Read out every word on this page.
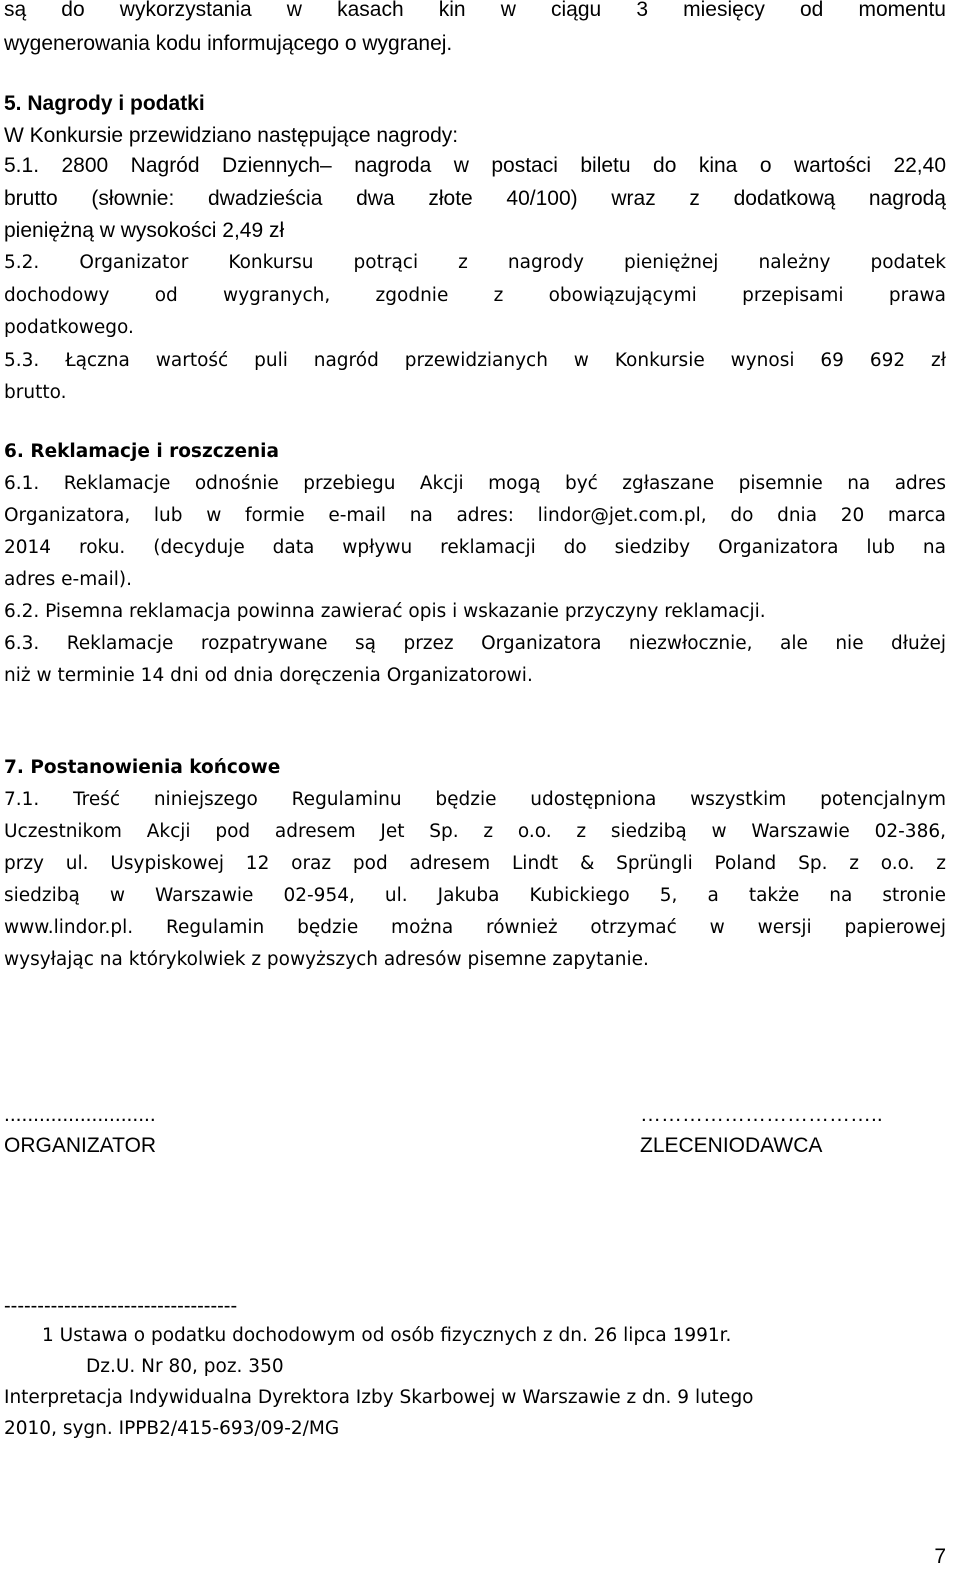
są do wykorzystania w kasach kin w ciągu 3 miesięcy od momentu
wygenerowania kodu informującego o wygranej.
5. Nagrody i podatki
W Konkursie przewidziano następujące nagrody:
5.1. 2800 Nagród Dziennych– nagroda w postaci biletu do kina o wartości 22,40
brutto (słownie: dwadzieścia dwa złote 40/100) wraz z dodatkową nagrodą
pieniężną w wysokości 2,49 zł
5.2. Organizator Konkursu potrąci z nagrody pieniężnej należny podatek
dochodowy od wygranych, zgodnie z obowiązującymi przepisami prawa
podatkowego.
5.3. Łączna wartość puli nagród przewidzianych w Konkursie wynosi 69 692 zł
brutto.
6. Reklamacje i roszczenia
6.1. Reklamacje odnośnie przebiegu Akcji mogą być zgłaszane pisemnie na adres
Organizatora, lub w formie e-mail na adres: lindor@jet.com.pl, do dnia 20 marca
2014 roku. (decyduje data wpływu reklamacji do siedziby Organizatora lub na
adres e-mail).
6.2. Pisemna reklamacja powinna zawierać opis i wskazanie przyczyny reklamacji.
6.3. Reklamacje rozpatrywane są przez Organizatora niezwłocznie, ale nie dłużej
niż w terminie 14 dni od dnia doręczenia Organizatorowi.
7. Postanowienia końcowe
7.1. Treść niniejszego Regulaminu będzie udostępniona wszystkim potencjalnym
Uczestnikom Akcji pod adresem Jet Sp. z o.o. z siedzibą w Warszawie 02-386,
przy ul. Usypiskowej 12 oraz pod adresem Lindt & Sprüngli Poland Sp. z o.o. z
siedzibą w Warszawie 02-954, ul. Jakuba Kubickiego 5, a także na stronie
www.lindor.pl. Regulamin będzie można również otrzymać w wersji papierowej
wysyłając na którykolwiek z powyższych adresów pisemne zapytanie.
..........................	……………………………..
ORGANIZATOR	ZLECENIODAWCA
-----------------------------------
1 Ustawa o podatku dochodowym od osób fizycznych z dn. 26 lipca 1991r.
Dz.U. Nr 80, poz. 350
Interpretacja Indywidualna Dyrektora Izby Skarbowej w Warszawie z dn. 9 lutego
2010, sygn. IPPB2/415-693/09-2/MG
7
